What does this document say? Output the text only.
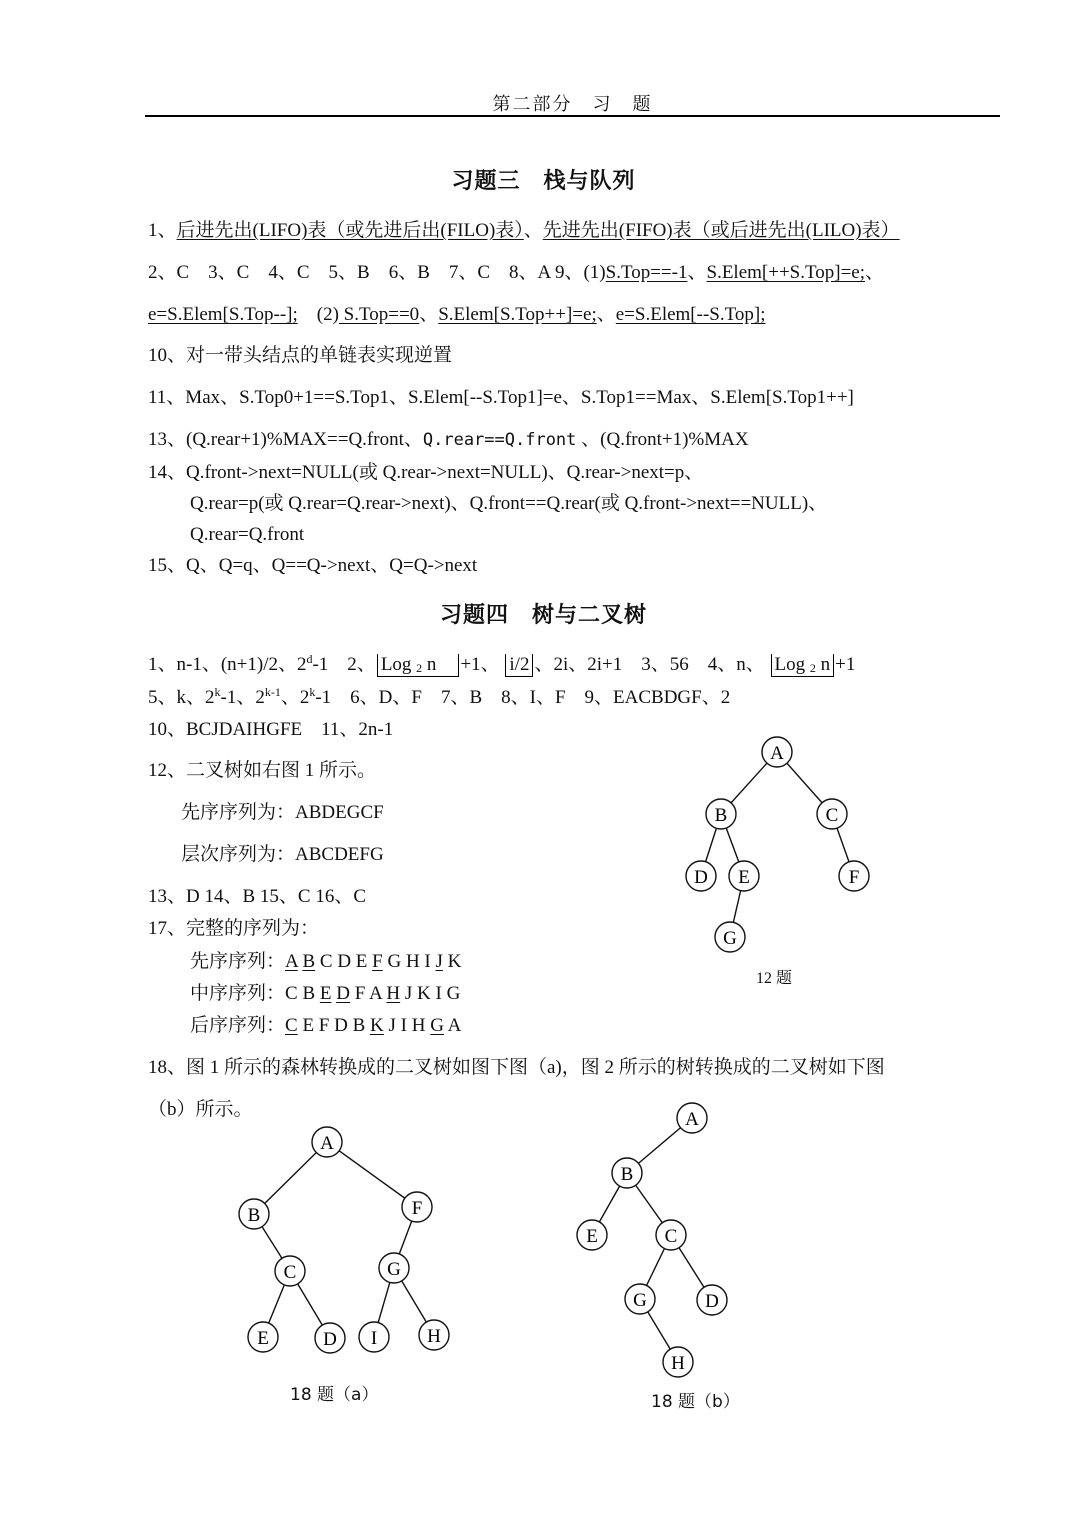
第二部分　习　题
习题三　栈与队列
1、后进先出(LIFO)表（或先进后出(FILO)表）、先进先出(FIFO)表（或后进先出(LILO)表）
2、C　3、C　4、C　5、B　6、B　7、C　8、A 9、(1)S.Top==-1、S.Elem[++S.Top]=e;、
e=S.Elem[S.Top--];　(2) S.Top==0、S.Elem[S.Top++]=e;、e=S.Elem[--S.Top];
10、对一带头结点的单链表实现逆置
11、Max、S.Top0+1==S.Top1、S.Elem[--S.Top1]=e、S.Top1==Max、S.Elem[S.Top1++]
13、(Q.rear+1)%MAX==Q.front、Q.rear==Q.front 、(Q.front+1)%MAX
14、Q.front->next=NULL(或 Q.rear->next=NULL)、Q.rear->next=p、
Q.rear=p(或 Q.rear=Q.rear->next)、Q.front==Q.rear(或 Q.front->next==NULL)、
Q.rear=Q.front
15、Q、Q=q、Q==Q->next、Q=Q->next
习题四　树与二叉树
1、n-1、(n+1)/2、2$^d$-1　2、 Log $_2$ n　+1、 i/2、2i、2i+1　3、56　4、n、 Log $_2$ n +1
5、k、2$^k$-1、2$^{k-1}$、2$^k$-1　6、D、F　7、B　8、I、F　9、EACBDGF、2
10、BCJDAIHGFE　11、2n-1
12、二叉树如右图 1 所示。
先序序列为：ABDEGCF
层次序列为：ABCDEFG
13、D 14、B 15、C 16、C
17、完整的序列为：
先序序列：A B C D E F G H I J K
中序序列：C B E D F A H J K I G
后序序列：C E F D B K J I H G A
18、图 1 所示的森林转换成的二叉树如图下图（a)，图 2 所示的树转换成的二叉树如下图
（b）所示。
A
B	C
D E	F
G
12 题
A
B	F
C	G
E	D I	H
18 题（a）
A
B
E	C
G	D
H
18 题（b）
